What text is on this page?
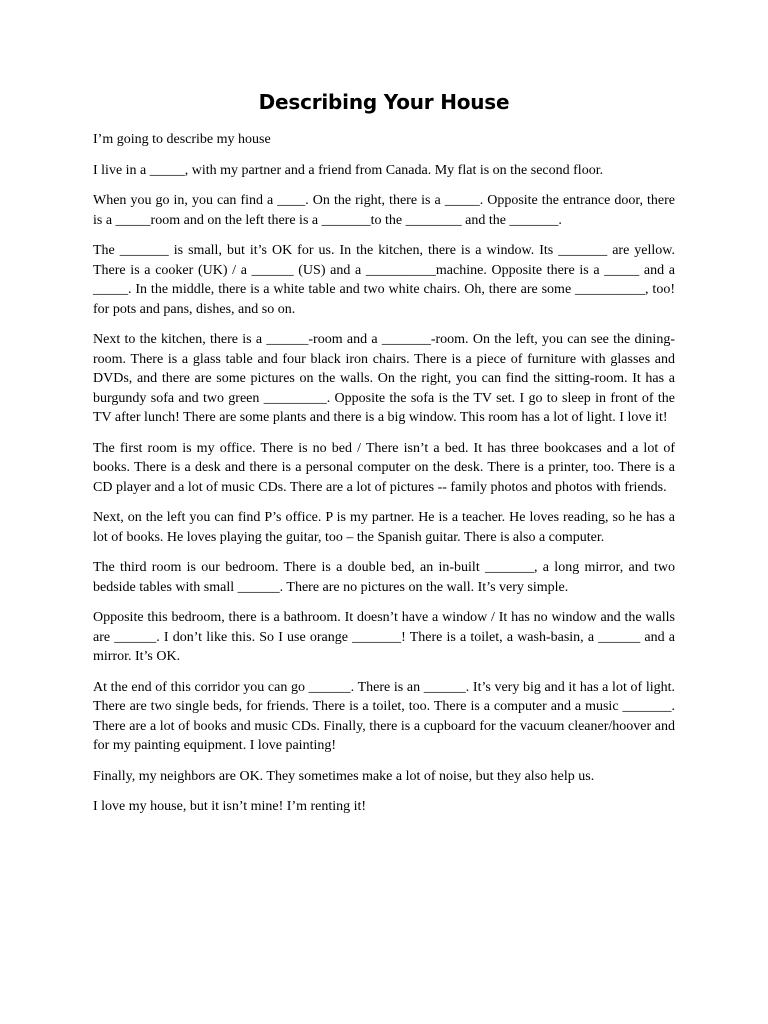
Describing Your House

I’m going to describe my house

I live in a _____, with my partner and a friend from Canada. My flat is on the second floor.

When you go in, you can find a ____. On the right, there is a _____. Opposite the entrance door, there is a _____room and on the left there is a _______to the ________ and the _______.

The _______ is small, but it’s OK for us. In the kitchen, there is a window. Its _______ are yellow. There is a cooker (UK) / a ______ (US) and a __________machine. Opposite there is a _____ and a _____. In the middle, there is a white table and two white chairs. Oh, there are some __________, too! for pots and pans, dishes, and so on.

Next to the kitchen, there is a ______-room and a _______-room. On the left, you can see the dining-room. There is a glass table and four black iron chairs. There is a piece of furniture with glasses and DVDs, and there are some pictures on the walls. On the right, you can find the sitting-room. It has a burgundy sofa and two green _________. Opposite the sofa is the TV set. I go to sleep in front of the TV after lunch! There are some plants and there is a big window. This room has a lot of light. I love it!

The first room is my office. There is no bed / There isn’t a bed. It has three bookcases and a lot of books. There is a desk and there is a personal computer on the desk. There is a printer, too. There is a CD player and a lot of music CDs. There are a lot of pictures -- family photos and photos with friends.

Next, on the left you can find P’s office. P is my partner. He is a teacher. He loves reading, so he has a lot of books. He loves playing the guitar, too – the Spanish guitar. There is also a computer.

The third room is our bedroom. There is a double bed, an in-built _______, a long mirror, and two bedside tables with small ______. There are no pictures on the wall. It’s very simple.

Opposite this bedroom, there is a bathroom. It doesn’t have a window / It has no window and the walls are ______. I don’t like this. So I use orange _______! There is a toilet, a wash-basin, a ______ and a mirror. It’s OK.

At the end of this corridor you can go ______. There is an ______. It’s very big and it has a lot of light. There are two single beds, for friends. There is a toilet, too. There is a computer and a music _______. There are a lot of books and music CDs. Finally, there is a cupboard for the vacuum cleaner/hoover and for my painting equipment. I love painting!

Finally, my neighbors are OK. They sometimes make a lot of noise, but they also help us.

I love my house, but it isn’t mine! I’m renting it!
